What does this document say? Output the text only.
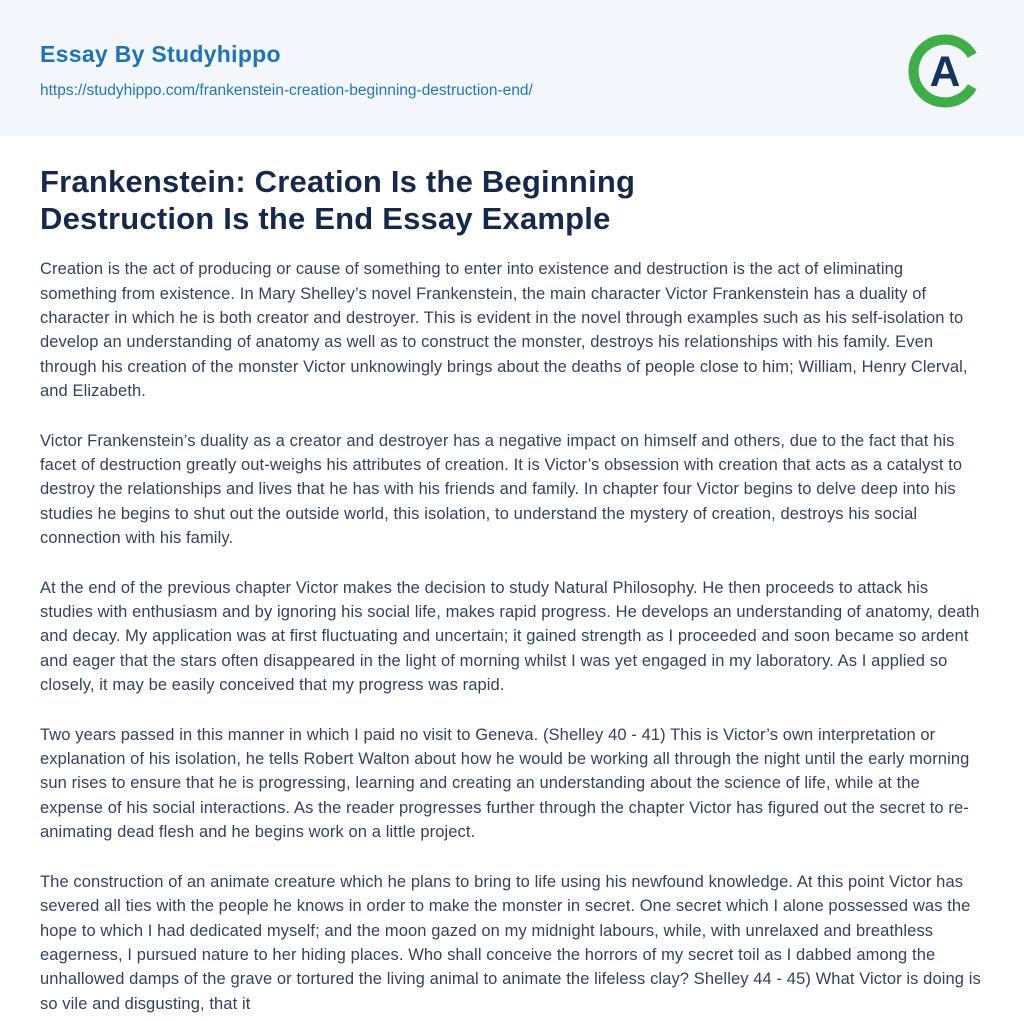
Essay By Studyhippo
https://studyhippo.com/frankenstein-creation-beginning-destruction-end/	A
Frankenstein: Creation Is the Beginning
Destruction Is the End Essay Example

Creation is the act of producing or cause of something to enter into existence and destruction is the act of eliminating something from existence. In Mary Shelley’s novel Frankenstein, the main character Victor Frankenstein has a duality of character in which he is both creator and destroyer. This is evident in the novel through examples such as his self-isolation to develop an understanding of anatomy as well as to construct the monster, destroys his relationships with his family. Even through his creation of the monster Victor unknowingly brings about the deaths of people close to him; William, Henry Clerval, and Elizabeth.

Victor Frankenstein’s duality as a creator and destroyer has a negative impact on himself and others, due to the fact that his facet of destruction greatly out-weighs his attributes of creation. It is Victor’s obsession with creation that acts as a catalyst to destroy the relationships and lives that he has with his friends and family. In chapter four Victor begins to delve deep into his studies he begins to shut out the outside world, this isolation, to understand the mystery of creation, destroys his social connection with his family.

At the end of the previous chapter Victor makes the decision to study Natural Philosophy. He then proceeds to attack his studies with enthusiasm and by ignoring his social life, makes rapid progress. He develops an understanding of anatomy, death and decay. My application was at first fluctuating and uncertain; it gained strength as I proceeded and soon became so ardent and eager that the stars often disappeared in the light of morning whilst I was yet engaged in my laboratory. As I applied so closely, it may be easily conceived that my progress was rapid.

Two years passed in this manner in which I paid no visit to Geneva. (Shelley 40 - 41) This is Victor’s own interpretation or explanation of his isolation, he tells Robert Walton about how he would be working all through the night until the early morning sun rises to ensure that he is progressing, learning and creating an understanding about the science of life, while at the expense of his social interactions. As the reader progresses further through the chapter Victor has figured out the secret to re-animating dead flesh and he begins work on a little project.

The construction of an animate creature which he plans to bring to life using his newfound knowledge. At this point Victor has severed all ties with the people he knows in order to make the monster in secret. One secret which I alone possessed was the hope to which I had dedicated myself; and the moon gazed on my midnight labours, while, with unrelaxed and breathless eagerness, I pursued nature to her hiding places. Who shall conceive the horrors of my secret toil as I dabbed among the unhallowed damps of the grave or tortured the living animal to animate the lifeless clay? Shelley 44 - 45) What Victor is doing is so vile and disgusting, that it
